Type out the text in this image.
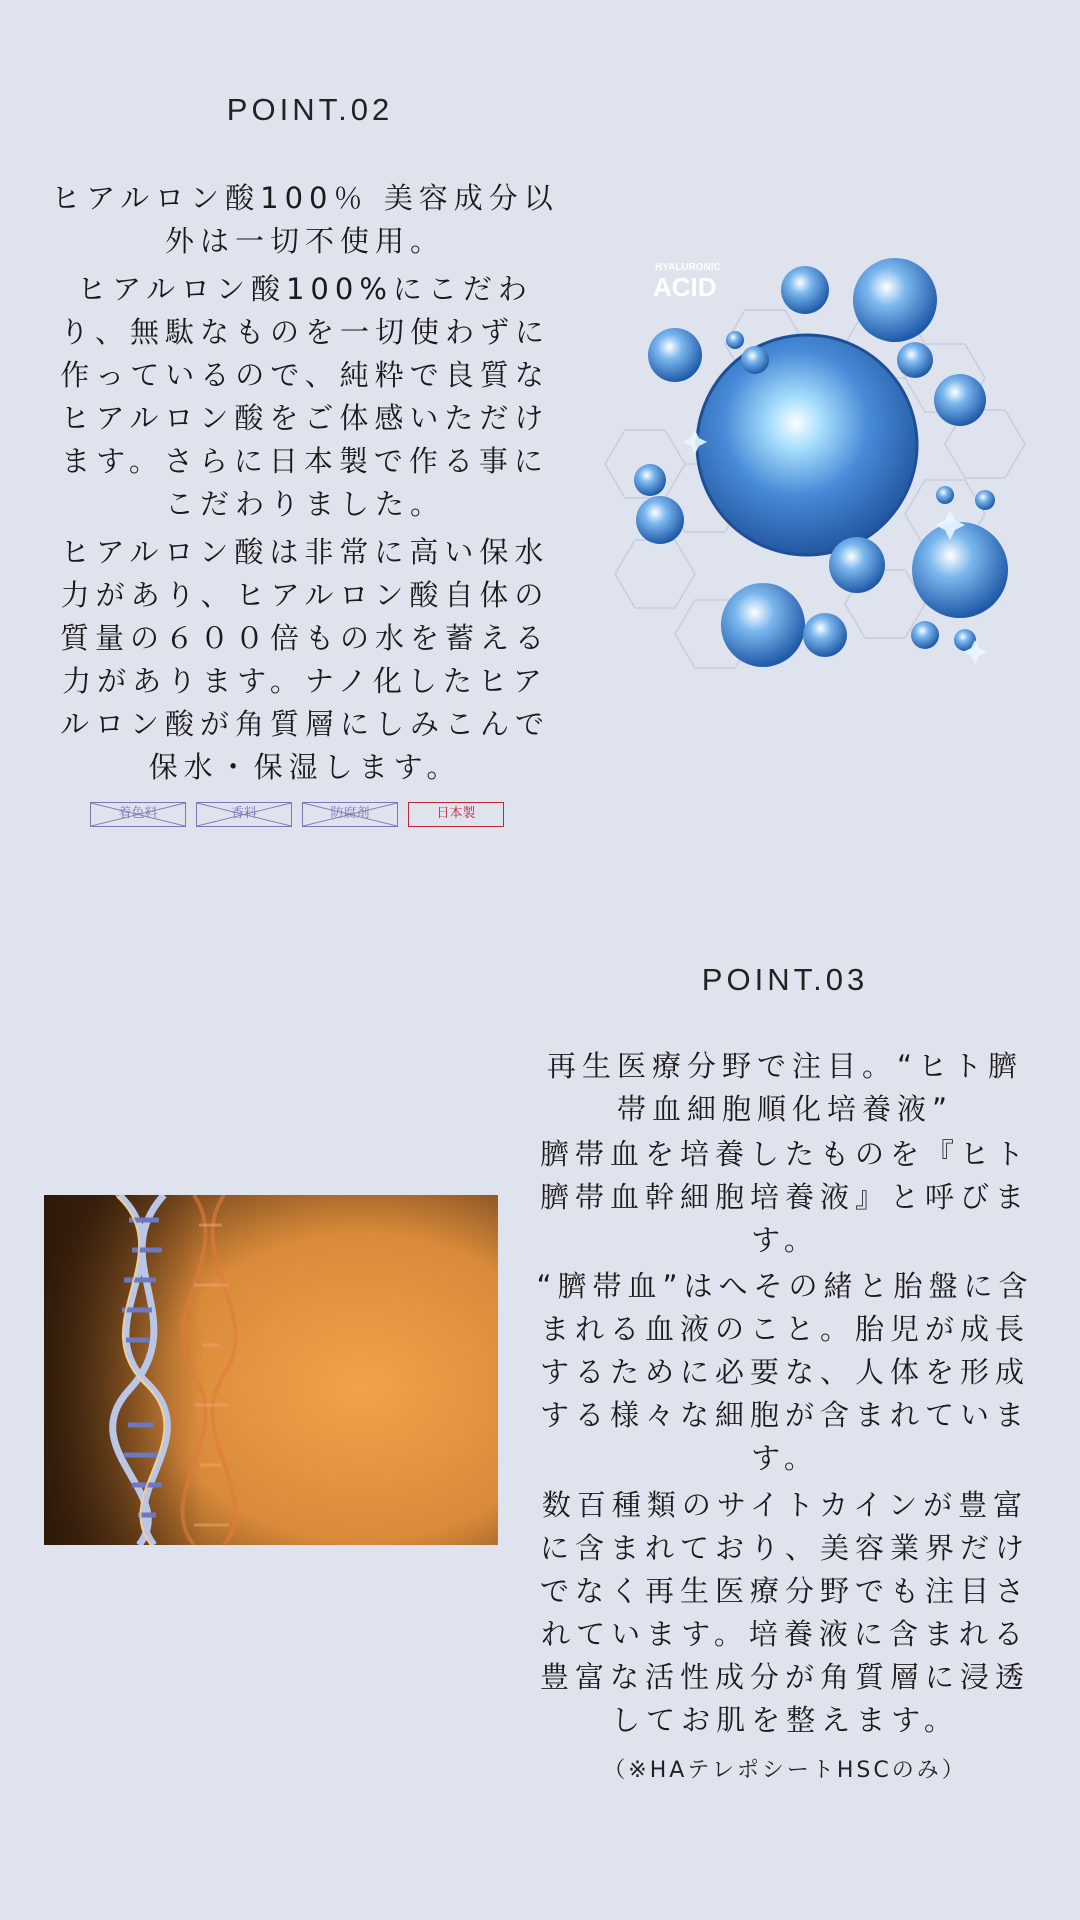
POINT.02

ヒアルロン酸100％ 美容成分以外は一切不使用。

ヒアルロン酸100%にこだわり、無駄なものを一切使わずに作っているので、純粋で良質なヒアルロン酸をご体感いただけます。さらに日本製で作る事にこだわりました。

ヒアルロン酸は非常に高い保水力があり、ヒアルロン酸自体の質量の６００倍もの水を蓄える力があります。ナノ化したヒアルロン酸が角質層にしみこんで保水・保湿します。

着色料	香料	防腐剤	日本製
HYALURONIC
ACID
POINT.03

再生医療分野で注目。“ヒト臍帯血細胞順化培養液”

臍帯血を培養したものを『ヒト臍帯血幹細胞培養液』と呼びます。

“臍帯血”はへその緒と胎盤に含まれる血液のこと。胎児が成長するために必要な、人体を形成する様々な細胞が含まれています。

数百種類のサイトカインが豊富に含まれており、美容業界だけでなく再生医療分野でも注目されています。培養液に含まれる豊富な活性成分が角質層に浸透してお肌を整えます。

（※HAテレポシートHSCのみ）
